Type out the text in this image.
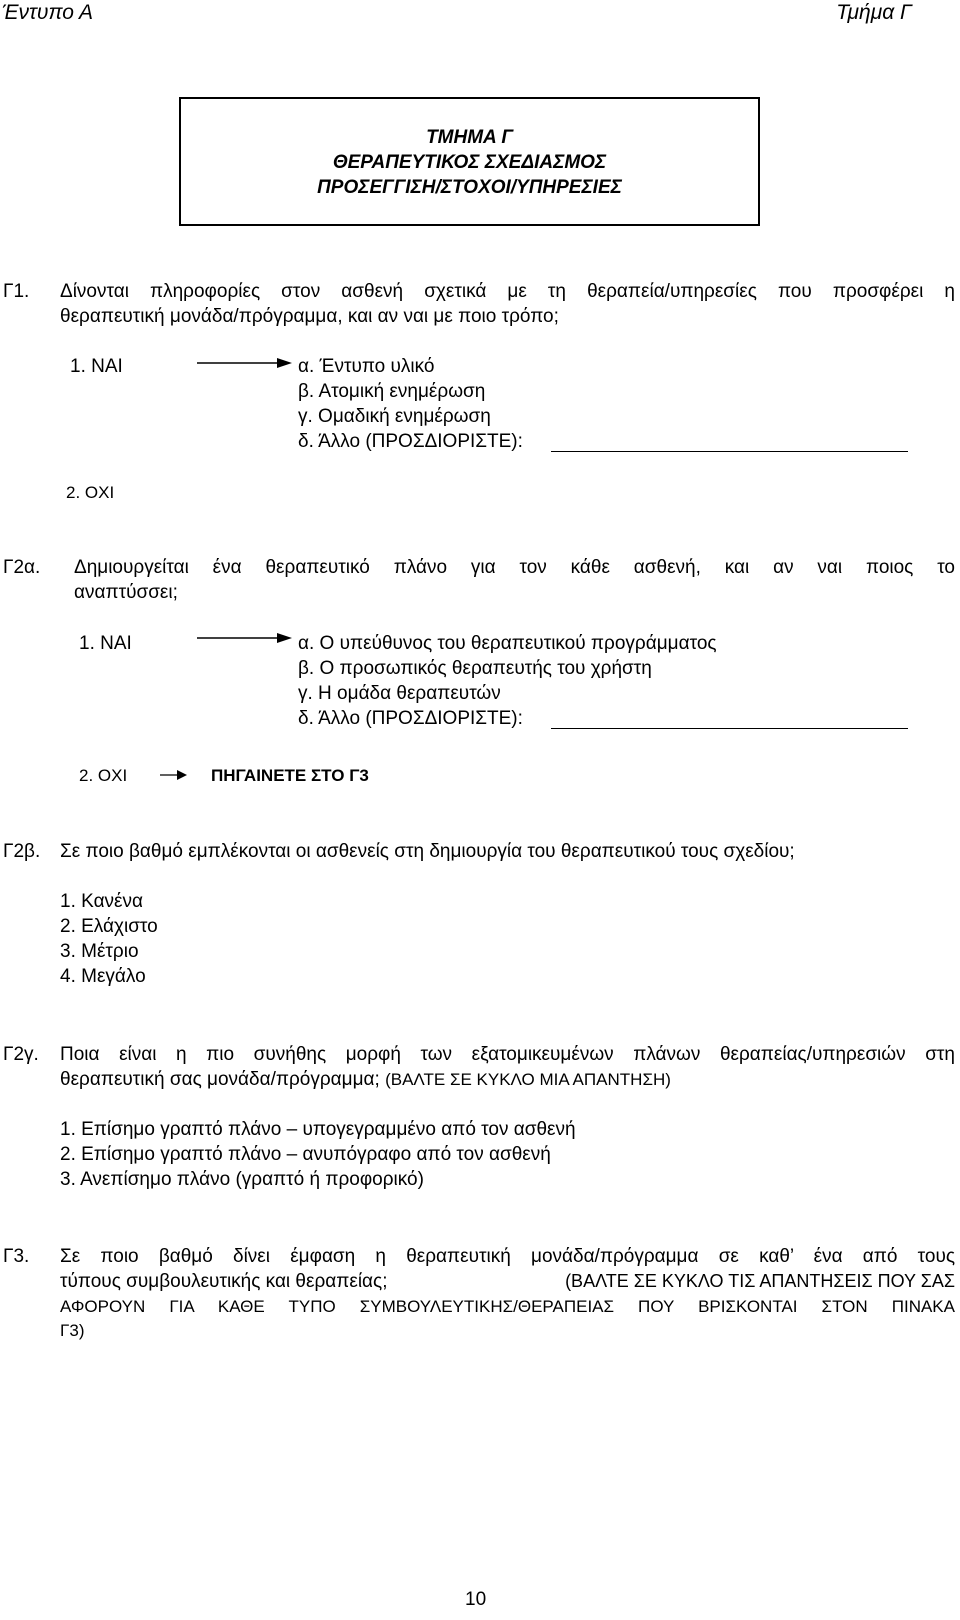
Έντυπο Α	Τμήμα Γ
ΤΜΗΜΑ Γ
ΘΕΡΑΠΕΥΤΙΚΟΣ ΣΧΕΔΙΑΣΜΟΣ
ΠΡΟΣΕΓΓΙΣΗ/ΣΤΟΧΟΙ/ΥΠΗΡΕΣΙΕΣ
Γ1. Δίνονται πληροφορίες στον ασθενή σχετικά με τη θεραπεία/υπηρεσίες που προσφέρει η
θεραπευτική μονάδα/πρόγραμμα, και αν ναι με ποιο τρόπο;
1. ΝΑΙ	α. Έντυπο υλικό
β. Ατομική ενημέρωση
γ. Ομαδική ενημέρωση
δ. Άλλο (ΠΡΟΣΔΙΟΡΙΣΤΕ):
2. ΟΧΙ
Γ2α. Δημιουργείται ένα θεραπευτικό πλάνο για τον κάθε ασθενή, και αν ναι ποιος το
αναπτύσσει;
1. ΝΑΙ	α. Ο υπεύθυνος του θεραπευτικού προγράμματος
β. Ο προσωπικός θεραπευτής του χρήστη
γ. Η ομάδα θεραπευτών
δ. Άλλο (ΠΡΟΣΔΙΟΡΙΣΤΕ):
2. ΟΧΙ	ΠΗΓΑΙΝΕΤΕ ΣΤΟ Γ3
Γ2β. Σε ποιο βαθμό εμπλέκονται οι ασθενείς στη δημιουργία του θεραπευτικού τους σχεδίου;
1. Κανένα
2. Ελάχιστο
3. Μέτριο
4. Μεγάλο
Γ2γ. Ποια είναι η πιο συνήθης μορφή των εξατομικευμένων πλάνων θεραπείας/υπηρεσιών στη
θεραπευτική σας μονάδα/πρόγραμμα; (ΒΑΛΤΕ ΣΕ ΚΥΚΛΟ ΜΙΑ ΑΠΑΝΤΗΣΗ)
1. Επίσημο γραπτό πλάνο – υπογεγραμμένο από τον ασθενή
2. Επίσημο γραπτό πλάνο – ανυπόγραφο από τον ασθενή
3. Ανεπίσημο πλάνο (γραπτό ή προφορικό)
Γ3. Σε ποιο βαθμό δίνει έμφαση η θεραπευτική μονάδα/πρόγραμμα σε καθ’ ένα από τους
τύπους συμβουλευτικής και θεραπείας;	(ΒΑΛΤΕ ΣΕ ΚΥΚΛΟ ΤΙΣ ΑΠΑΝΤΗΣΕΙΣ ΠΟΥ ΣΑΣ
ΑΦΟΡΟΥΝ ΓΙΑ ΚΑΘΕ ΤΥΠΟ ΣΥΜΒΟΥΛΕΥΤΙΚΗΣ/ΘΕΡΑΠΕΙΑΣ ΠΟΥ ΒΡΙΣΚΟΝΤΑΙ ΣΤΟΝ ΠΙΝΑΚΑ
Γ3)
10
